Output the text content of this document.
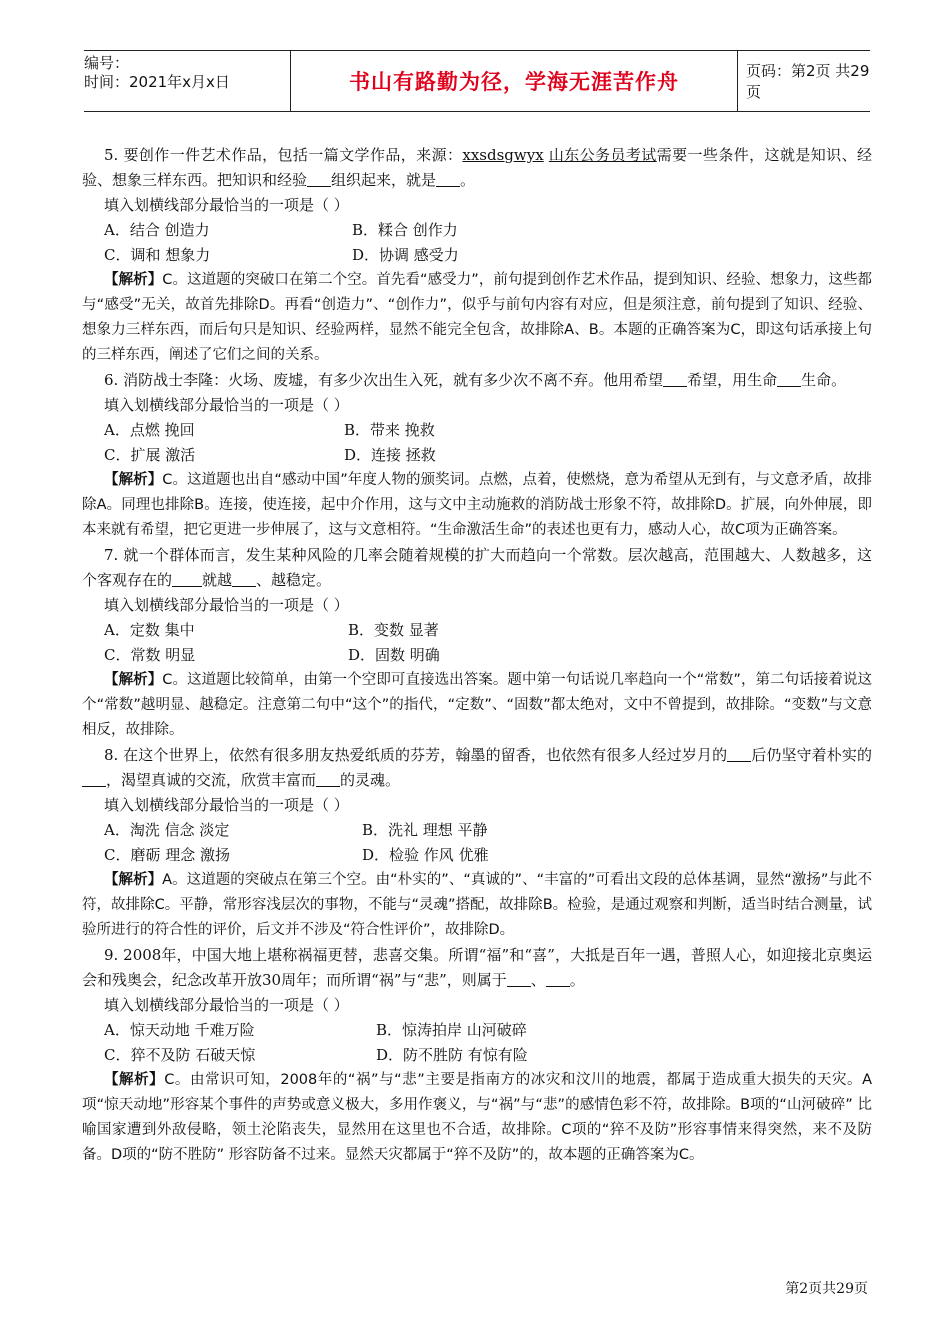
编号：
时间：2021年x月x日	书山有路勤为径，学海无涯苦作舟	页码：第2页 共29页

5. 要创作一件艺术作品，包括一篇文学作品，来源：xxsdsgwyx 山东公务员考试需要一些条件，这就是知识、经验、想象三样东西。把知识和经验 组织起来，就是 。

填入划横线部分最恰当的一项是（ ）

A．结合 创造力	B．糅合 创作力
C．调和 想象力	D．协调 感受力

【解析】C。这道题的突破口在第二个空。首先看“感受力”，前句提到创作艺术作品，提到知识、经验、想象力，这些都与“感受”无关，故首先排除D。再看“创造力”、“创作力”，似乎与前句内容有对应，但是须注意，前句提到了知识、经验、想象力三样东西，而后句只是知识、经验两样，显然不能完全包含，故排除A、B。本题的正确答案为C，即这句话承接上句的三样东西，阐述了它们之间的关系。

6. 消防战士李隆：火场、废墟，有多少次出生入死，就有多少次不离不弃。他用希望 希望，用生命 生命。

填入划横线部分最恰当的一项是（ ）

A．点燃 挽回	B．带来 挽救
C．扩展 激活	D．连接 拯救

【解析】C。这道题也出自“感动中国”年度人物的颁奖词。点燃，点着，使燃烧，意为希望从无到有，与文意矛盾，故排除A。同理也排除B。连接，使连接，起中介作用，这与文中主动施救的消防战士形象不符，故排除D。扩展，向外伸展，即本来就有希望，把它更进一步伸展了，这与文意相符。“生命激活生命”的表述也更有力，感动人心，故C项为正确答案。

7. 就一个群体而言，发生某种风险的几率会随着规模的扩大而趋向一个常数。层次越高，范围越大、人数越多，这个客观存在的 就越 、越稳定。

填入划横线部分最恰当的一项是（ ）

A．定数 集中	B．变数 显著
C．常数 明显	D．固数 明确

【解析】C。这道题比较简单，由第一个空即可直接选出答案。题中第一句话说几率趋向一个“常数”，第二句话接着说这个“常数”越明显、越稳定。注意第二句中“这个”的指代，“定数”、“固数”都太绝对，文中不曾提到，故排除。“变数”与文意相反，故排除。

8. 在这个世界上，依然有很多朋友热爱纸质的芬芳，翰墨的留香，也依然有很多人经过岁月的 后仍坚守着朴实的，渴望真诚的交流，欣赏丰富而 的灵魂。

填入划横线部分最恰当的一项是（ ）

A．淘洗 信念 淡定	B．洗礼 理想 平静
C．磨砺 理念 激扬	D．检验 作风 优雅

【解析】A。这道题的突破点在第三个空。由“朴实的”、“真诚的”、“丰富的”可看出文段的总体基调，显然“激扬”与此不符，故排除C。平静，常形容浅层次的事物，不能与“灵魂”搭配，故排除B。检验，是通过观察和判断，适当时结合测量，试验所进行的符合性的评价，后文并不涉及“符合性评价”，故排除D。

9. 2008年，中国大地上堪称祸福更替，悲喜交集。所谓“福”和“喜”，大抵是百年一遇，普照人心，如迎接北京奥运会和残奥会，纪念改革开放30周年；而所谓“祸”与“悲”，则属于 、 。

填入划横线部分最恰当的一项是（ ）

A．惊天动地 千难万险	B．惊涛拍岸 山河破碎
C．猝不及防 石破天惊	D．防不胜防 有惊有险

【解析】C。由常识可知，2008年的“祸”与“悲”主要是指南方的冰灾和汶川的地震，都属于造成重大损失的天灾。A项“惊天动地”形容某个事件的声势或意义极大，多用作褒义，与“祸”与“悲”的感情色彩不符，故排除。B项的“山河破碎” 比喻国家遭到外敌侵略，领土沦陷丧失，显然用在这里也不合适，故排除。C项的“猝不及防”形容事情来得突然，来不及防备。D项的“防不胜防” 形容防备不过来。显然天灾都属于“猝不及防”的，故本题的正确答案为C。

第2页共29页
